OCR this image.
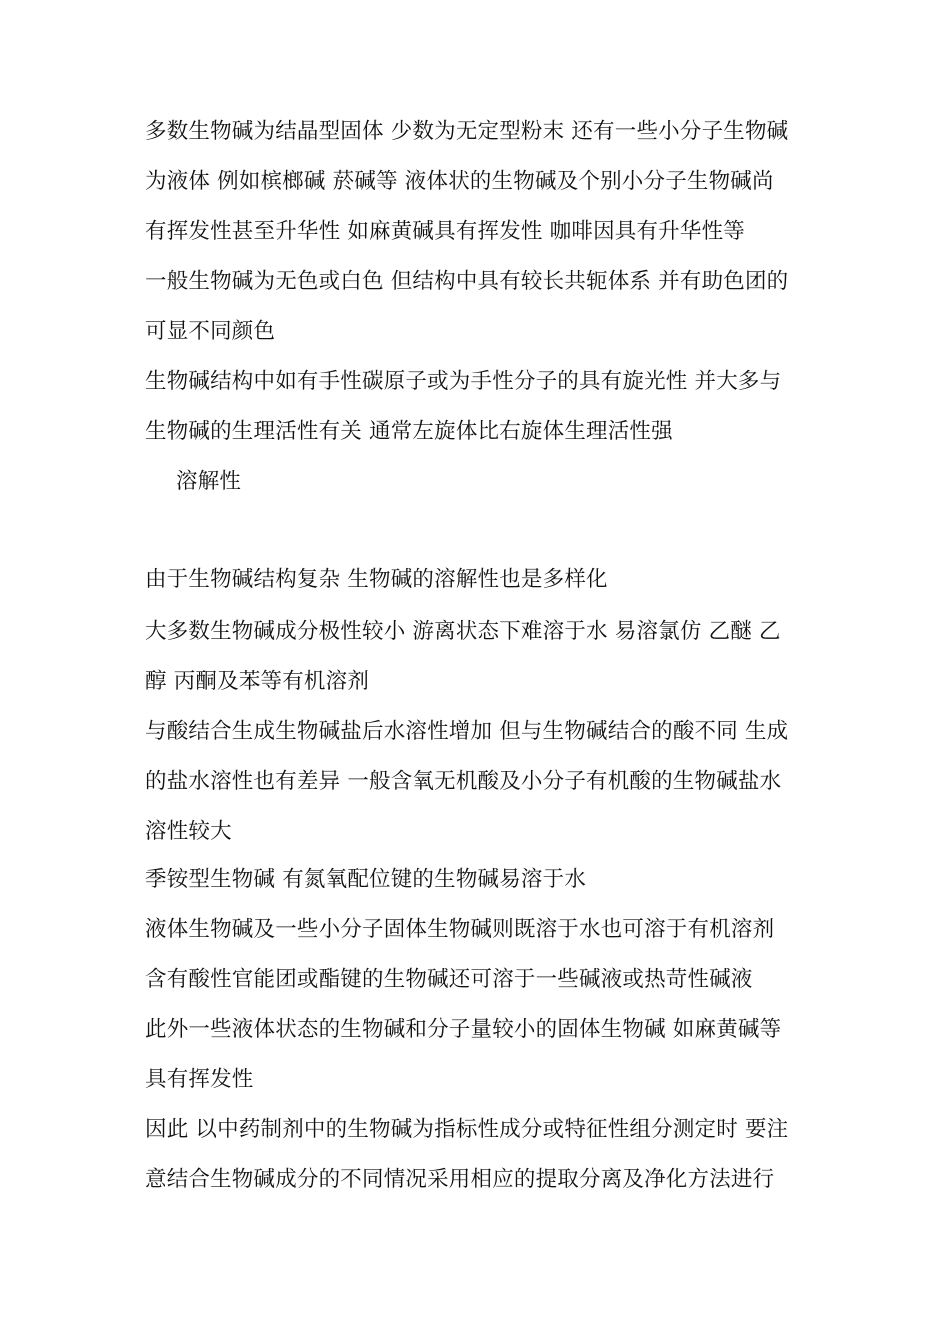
多数生物碱为结晶型固体 少数为无定型粉末 还有一些小分子生物碱
为液体 例如槟榔碱 菸碱等 液体状的生物碱及个别小分子生物碱尚
有挥发性甚至升华性 如麻黄碱具有挥发性 咖啡因具有升华性等
一般生物碱为无色或白色 但结构中具有较长共轭体系 并有助色团的
可显不同颜色
生物碱结构中如有手性碳原子或为手性分子的具有旋光性 并大多与
生物碱的生理活性有关 通常左旋体比右旋体生理活性强
溶解性
由于生物碱结构复杂 生物碱的溶解性也是多样化
大多数生物碱成分极性较小 游离状态下难溶于水 易溶氯仿 乙醚 乙
醇 丙酮及苯等有机溶剂
与酸结合生成生物碱盐后水溶性增加 但与生物碱结合的酸不同 生成
的盐水溶性也有差异 一般含氧无机酸及小分子有机酸的生物碱盐水
溶性较大
季铵型生物碱 有氮氧配位键的生物碱易溶于水
液体生物碱及一些小分子固体生物碱则既溶于水也可溶于有机溶剂
含有酸性官能团或酯键的生物碱还可溶于一些碱液或热苛性碱液
此外一些液体状态的生物碱和分子量较小的固体生物碱 如麻黄碱等
具有挥发性
因此 以中药制剂中的生物碱为指标性成分或特征性组分测定时 要注
意结合生物碱成分的不同情况采用相应的提取分离及净化方法进行
